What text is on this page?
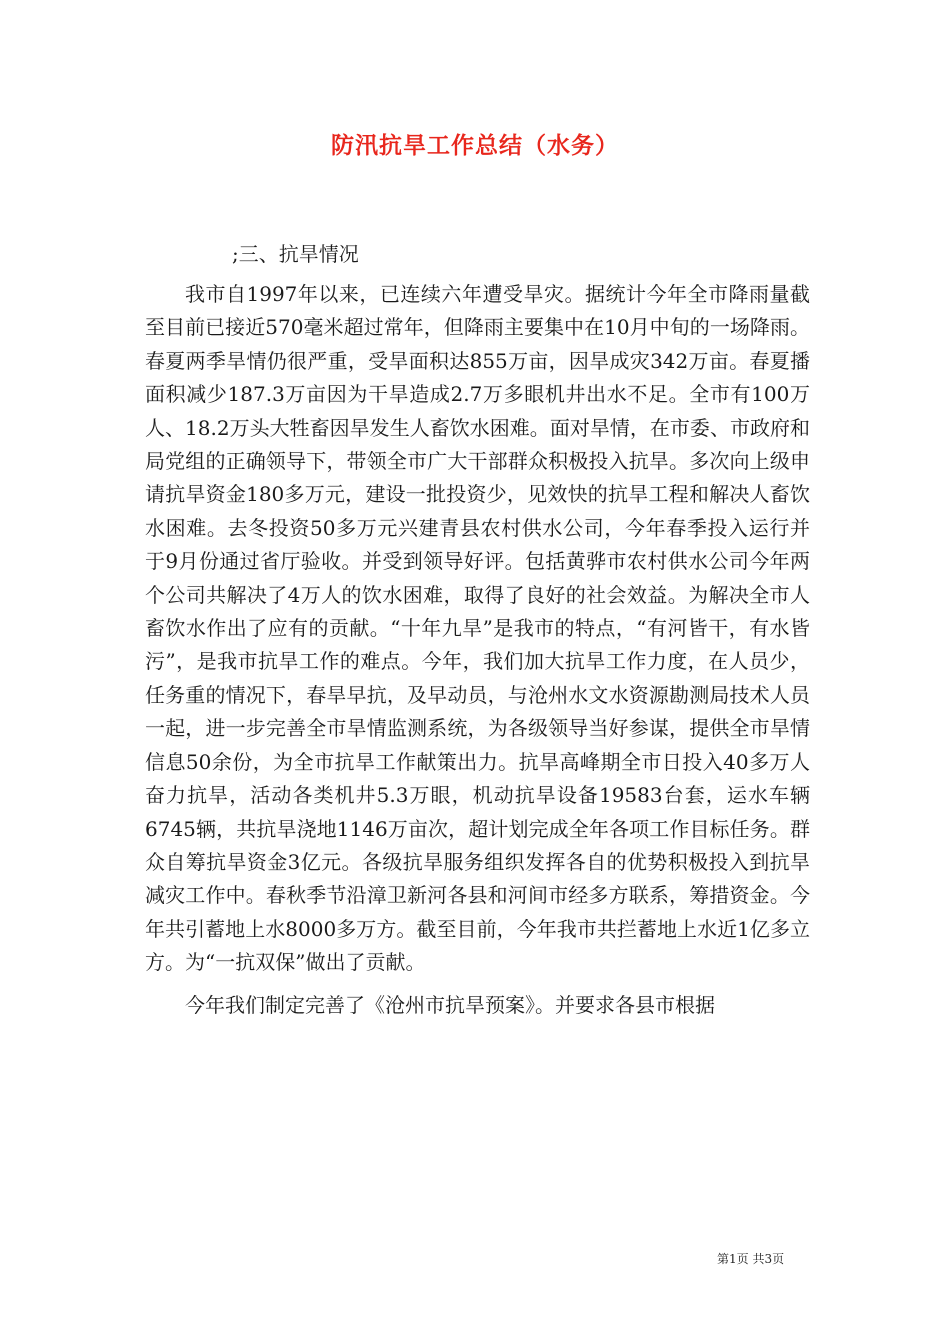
防汛抗旱工作总结（水务）
;三、抗旱情况

我市自1997年以来，已连续六年遭受旱灾。据统计今年全市降雨量截至目前已接近570毫米超过常年，但降雨主要集中在10月中旬的一场降雨。春夏两季旱情仍很严重，受旱面积达855万亩，因旱成灾342万亩。春夏播面积减少187.3万亩因为干旱造成2.7万多眼机井出水不足。全市有100万人、18.2万头大牲畜因旱发生人畜饮水困难。面对旱情，在市委、市政府和局党组的正确领导下，带领全市广大干部群众积极投入抗旱。多次向上级申请抗旱资金180多万元，建设一批投资少，见效快的抗旱工程和解决人畜饮水困难。去冬投资50多万元兴建青县农村供水公司，今年春季投入运行并于9月份通过省厅验收。并受到领导好评。包括黄骅市农村供水公司今年两个公司共解决了4万人的饮水困难，取得了良好的社会效益。为解决全市人畜饮水作出了应有的贡献。“十年九旱”是我市的特点，“有河皆干，有水皆污”，是我市抗旱工作的难点。今年，我们加大抗旱工作力度，在人员少，任务重的情况下，春旱早抗，及早动员，与沧州水文水资源勘测局技术人员一起，进一步完善全市旱情监测系统，为各级领导当好参谋，提供全市旱情信息50余份，为全市抗旱工作献策出力。抗旱高峰期全市日投入40多万人奋力抗旱，活动各类机井5.3万眼，机动抗旱设备19583台套，运水车辆6745辆，共抗旱浇地1146万亩次，超计划完成全年各项工作目标任务。群众自筹抗旱资金3亿元。各级抗旱服务组织发挥各自的优势积极投入到抗旱减灾工作中。春秋季节沿漳卫新河各县和河间市经多方联系，筹措资金。今年共引蓄地上水8000多万方。截至目前，今年我市共拦蓄地上水近1亿多立方。为“一抗双保”做出了贡献。

今年我们制定完善了《沧州市抗旱预案》。并要求各县市根据

第1页 共3页
